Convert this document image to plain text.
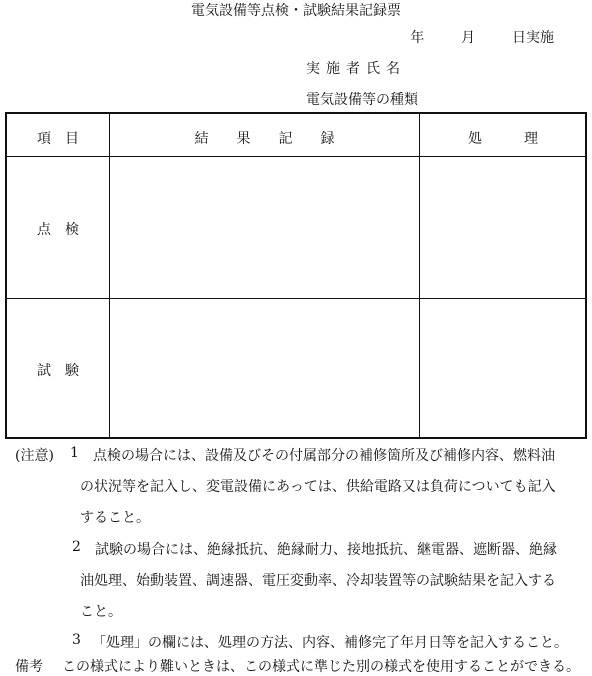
電気設備等点検・試験結果記録票
年	月	日実施
実施者氏名
電気設備等の種類
項　目	結　　果　　記　　録	処　　　理
点　検
試　験
(注意) 1 点検の場合には、設備及びその付属部分の補修箇所及び補修内容、燃料油
の状況等を記入し、変電設備にあっては、供給電路又は負荷についても記入
すること。
2 試験の場合には、絶縁抵抗、絶縁耐力、接地抵抗、継電器、遮断器、絶縁
油処理、始動装置、調速器、電圧変動率、冷却装置等の試験結果を記入する
こと。
3 「処理」の欄には、処理の方法、内容、補修完了年月日等を記入すること。
備考 この様式により難いときは、この様式に準じた別の様式を使用することができる。
